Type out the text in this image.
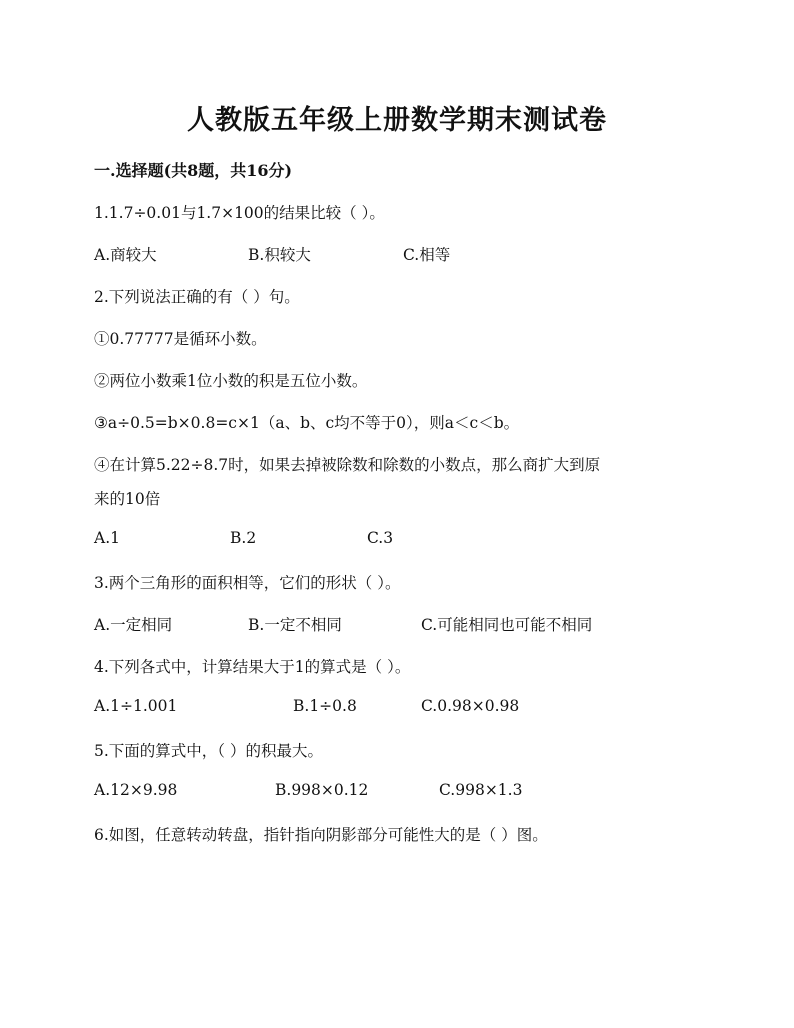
人教版五年级上册数学期末测试卷
一.选择题(共8题，共16分)
1.1.7÷0.01与1.7×100的结果比较（ ）。
A.商较大	B.积较大	C.相等
2.下列说法正确的有（ ）句。
①0.77777是循环小数。
②两位小数乘1位小数的积是五位小数。
③a÷0.5=b×0.8=c×1（a、b、c均不等于0），则a＜c＜b。
④在计算5.22÷8.7时，如果去掉被除数和除数的小数点，那么商扩大到原
来的10倍
A.1	B.2	C.3
3.两个三角形的面积相等，它们的形状（ ）。
A.一定相同	B.一定不相同	C.可能相同也可能不相同
4.下列各式中，计算结果大于1的算式是（ ）。
A.1÷1.001	B.1÷0.8	C.0.98×0.98
5.下面的算式中，（ ）的积最大。
A.12×9.98	B.998×0.12	C.998×1.3
6.如图，任意转动转盘，指针指向阴影部分可能性大的是（ ）图。
